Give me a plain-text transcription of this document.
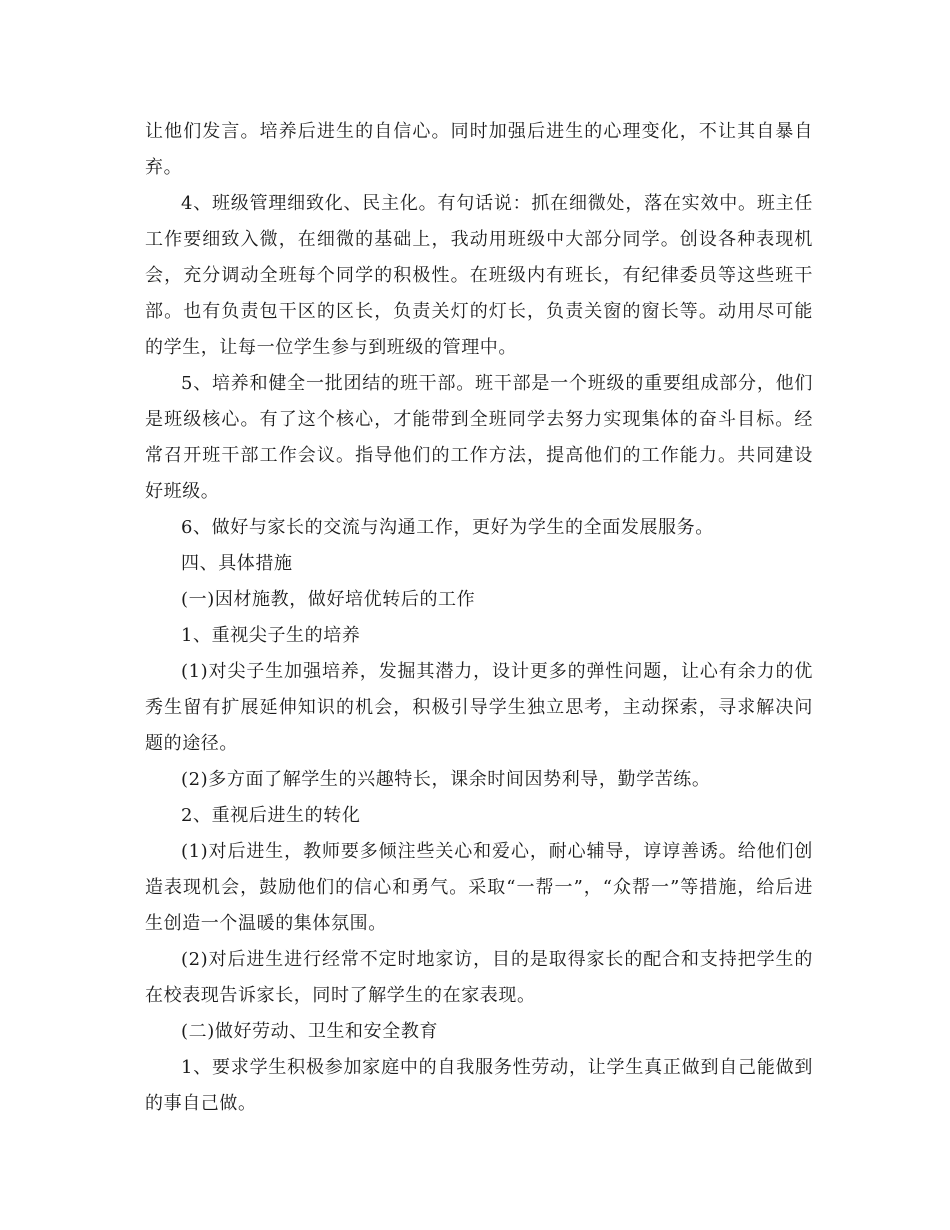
让他们发言。培养后进生的自信心。同时加强后进生的心理变化，不让其自暴自弃。

4、班级管理细致化、民主化。有句话说：抓在细微处，落在实效中。班主任工作要细致入微，在细微的基础上，我动用班级中大部分同学。创设各种表现机会，充分调动全班每个同学的积极性。在班级内有班长，有纪律委员等这些班干部。也有负责包干区的区长，负责关灯的灯长，负责关窗的窗长等。动用尽可能的学生，让每一位学生参与到班级的管理中。

5、培养和健全一批团结的班干部。班干部是一个班级的重要组成部分，他们是班级核心。有了这个核心，才能带到全班同学去努力实现集体的奋斗目标。经常召开班干部工作会议。指导他们的工作方法，提高他们的工作能力。共同建设好班级。

6、做好与家长的交流与沟通工作，更好为学生的全面发展服务。

四、具体措施

(一)因材施教，做好培优转后的工作

1、重视尖子生的培养

(1)对尖子生加强培养，发掘其潜力，设计更多的弹性问题，让心有余力的优秀生留有扩展延伸知识的机会，积极引导学生独立思考，主动探索，寻求解决问题的途径。

(2)多方面了解学生的兴趣特长，课余时间因势利导，勤学苦练。

2、重视后进生的转化

(1)对后进生，教师要多倾注些关心和爱心，耐心辅导，谆谆善诱。给他们创造表现机会，鼓励他们的信心和勇气。采取“一帮一”，“众帮一”等措施，给后进生创造一个温暖的集体氛围。

(2)对后进生进行经常不定时地家访，目的是取得家长的配合和支持把学生的在校表现告诉家长，同时了解学生的在家表现。

(二)做好劳动、卫生和安全教育

1、要求学生积极参加家庭中的自我服务性劳动，让学生真正做到自己能做到的事自己做。
